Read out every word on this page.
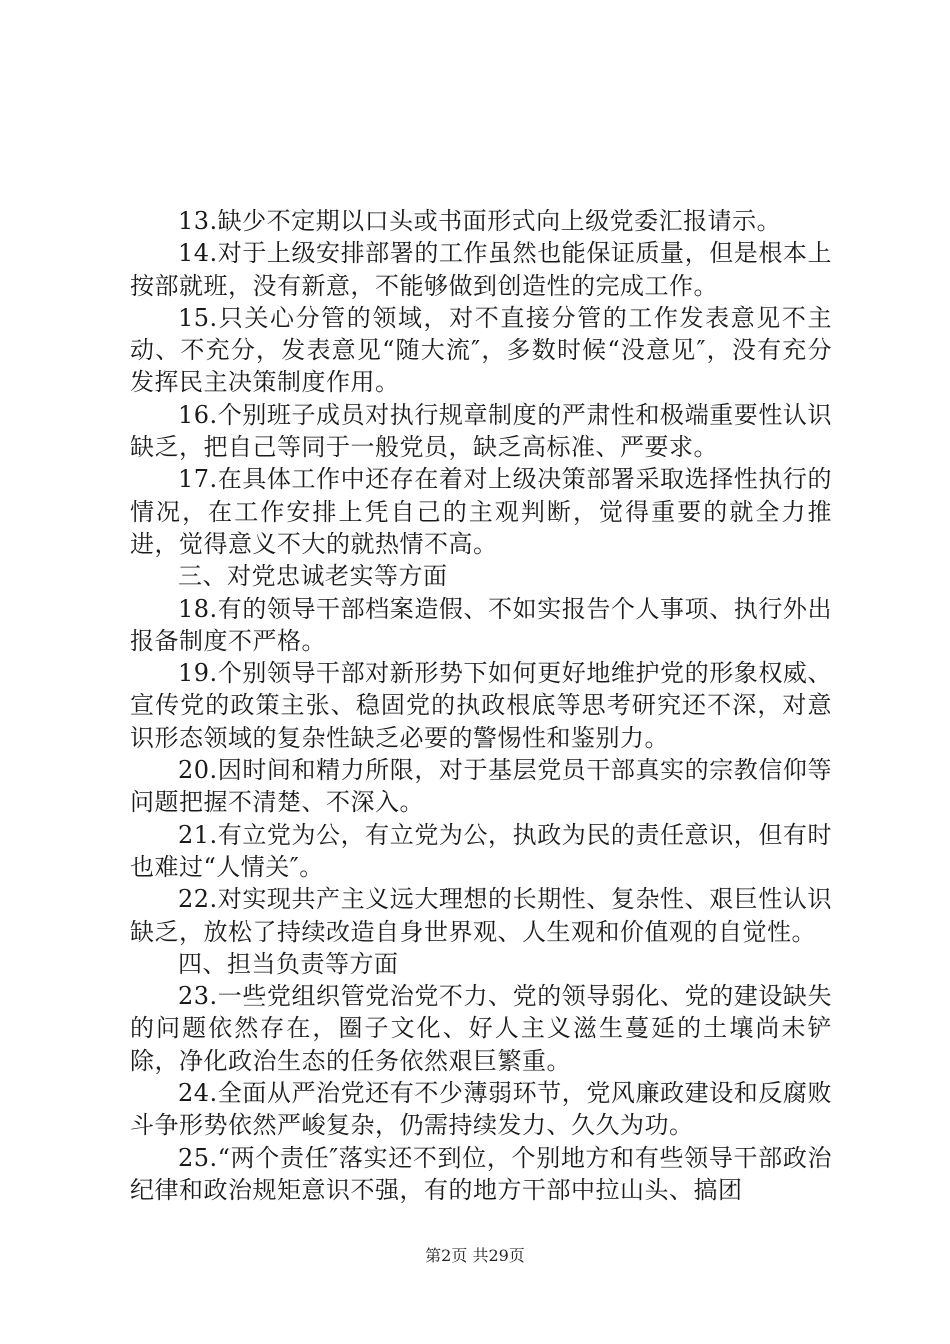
13.缺少不定期以口头或书面形式向上级党委汇报请示。

14.对于上级安排部署的工作虽然也能保证质量，但是根本上按部就班，没有新意，不能够做到创造性的完成工作。

15.只关心分管的领域，对不直接分管的工作发表意见不主动、不充分，发表意见“随大流″，多数时候“没意见″，没有充分发挥民主决策制度作用。

16.个别班子成员对执行规章制度的严肃性和极端重要性认识缺乏，把自己等同于一般党员，缺乏高标准、严要求。

17.在具体工作中还存在着对上级决策部署采取选择性执行的情况，在工作安排上凭自己的主观判断，觉得重要的就全力推进，觉得意义不大的就热情不高。

三、对党忠诚老实等方面

18.有的领导干部档案造假、不如实报告个人事项、执行外出报备制度不严格。

19.个别领导干部对新形势下如何更好地维护党的形象权威、宣传党的政策主张、稳固党的执政根底等思考研究还不深，对意识形态领域的复杂性缺乏必要的警惕性和鉴别力。

20.因时间和精力所限，对于基层党员干部真实的宗教信仰等问题把握不清楚、不深入。

21.有立党为公，有立党为公，执政为民的责任意识，但有时也难过“人情关″。

22.对实现共产主义远大理想的长期性、复杂性、艰巨性认识缺乏，放松了持续改造自身世界观、人生观和价值观的自觉性。

四、担当负责等方面

23.一些党组织管党治党不力、党的领导弱化、党的建设缺失的问题依然存在，圈子文化、好人主义滋生蔓延的土壤尚未铲除，净化政治生态的任务依然艰巨繁重。

24.全面从严治党还有不少薄弱环节，党风廉政建设和反腐败斗争形势依然严峻复杂，仍需持续发力、久久为功。

25.“两个责任″落实还不到位，个别地方和有些领导干部政治纪律和政治规矩意识不强，有的地方干部中拉山头、搞团

第2页 共29页
